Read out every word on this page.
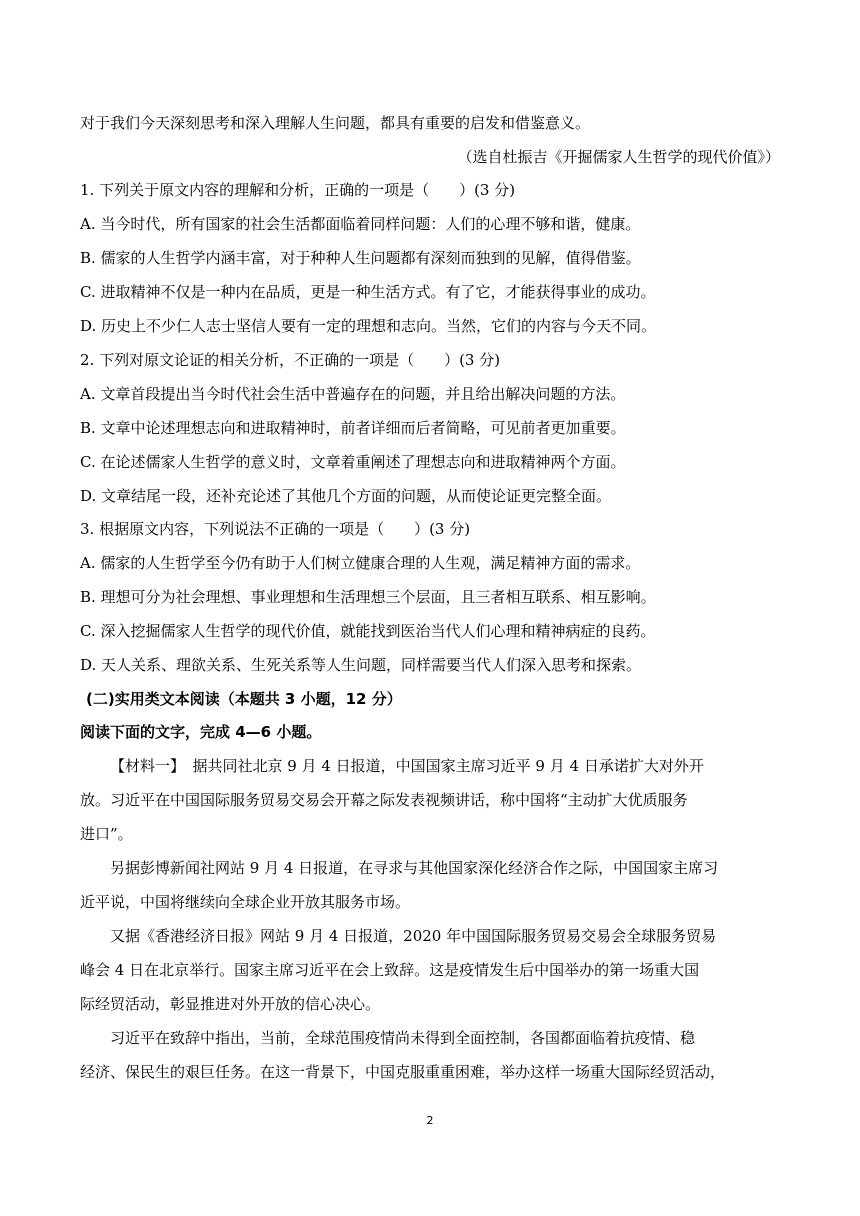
对于我们今天深刻思考和深入理解人生问题，都具有重要的启发和借鉴意义。
（选自杜振吉《开掘儒家人生哲学的现代价值》）
1. 下列关于原文内容的理解和分析，正确的一项是（　　）(3 分)
A. 当今时代，所有国家的社会生活都面临着同样问题：人们的心理不够和谐，健康。
B. 儒家的人生哲学内涵丰富，对于种种人生问题都有深刻而独到的见解，值得借鉴。
C. 进取精神不仅是一种内在品质，更是一种生活方式。有了它，才能获得事业的成功。
D. 历史上不少仁人志士坚信人要有一定的理想和志向。当然，它们的内容与今天不同。
2. 下列对原文论证的相关分析，不正确的一项是（　　）(3 分)
A. 文章首段提出当今时代社会生活中普遍存在的问题，并且给出解决问题的方法。
B. 文章中论述理想志向和进取精神时，前者详细而后者简略，可见前者更加重要。
C. 在论述儒家人生哲学的意义时，文章着重阐述了理想志向和进取精神两个方面。
D. 文章结尾一段，还补充论述了其他几个方面的问题，从而使论证更完整全面。
3. 根据原文内容，下列说法不正确的一项是（　　）(3 分)
A. 儒家的人生哲学至今仍有助于人们树立健康合理的人生观，满足精神方面的需求。
B. 理想可分为社会理想、事业理想和生活理想三个层面，且三者相互联系、相互影响。
C. 深入挖掘儒家人生哲学的现代价值，就能找到医治当代人们心理和精神病症的良药。
D. 天人关系、理欲关系、生死关系等人生问题，同样需要当代人们深入思考和探索。
(二)实用类文本阅读（本题共 3 小题，12 分）
阅读下面的文字，完成 4—6 小题。
【材料一】　据共同社北京 9 月 4 日报道，中国国家主席习近平 9 月 4 日承诺扩大对外开
放。习近平在中国国际服务贸易交易会开幕之际发表视频讲话，称中国将“主动扩大优质服务
进口”。
另据彭博新闻社网站 9 月 4 日报道，在寻求与其他国家深化经济合作之际，中国国家主席习
近平说，中国将继续向全球企业开放其服务市场。
又据《香港经济日报》网站 9 月 4 日报道，2020 年中国国际服务贸易交易会全球服务贸易
峰会 4 日在北京举行。国家主席习近平在会上致辞。这是疫情发生后中国举办的第一场重大国
际经贸活动，彰显推进对外开放的信心决心。
习近平在致辞中指出，当前，全球范围疫情尚未得到全面控制，各国都面临着抗疫情、稳
经济、保民生的艰巨任务。在这一背景下，中国克服重重困难，举办这样一场重大国际经贸活动，
2
